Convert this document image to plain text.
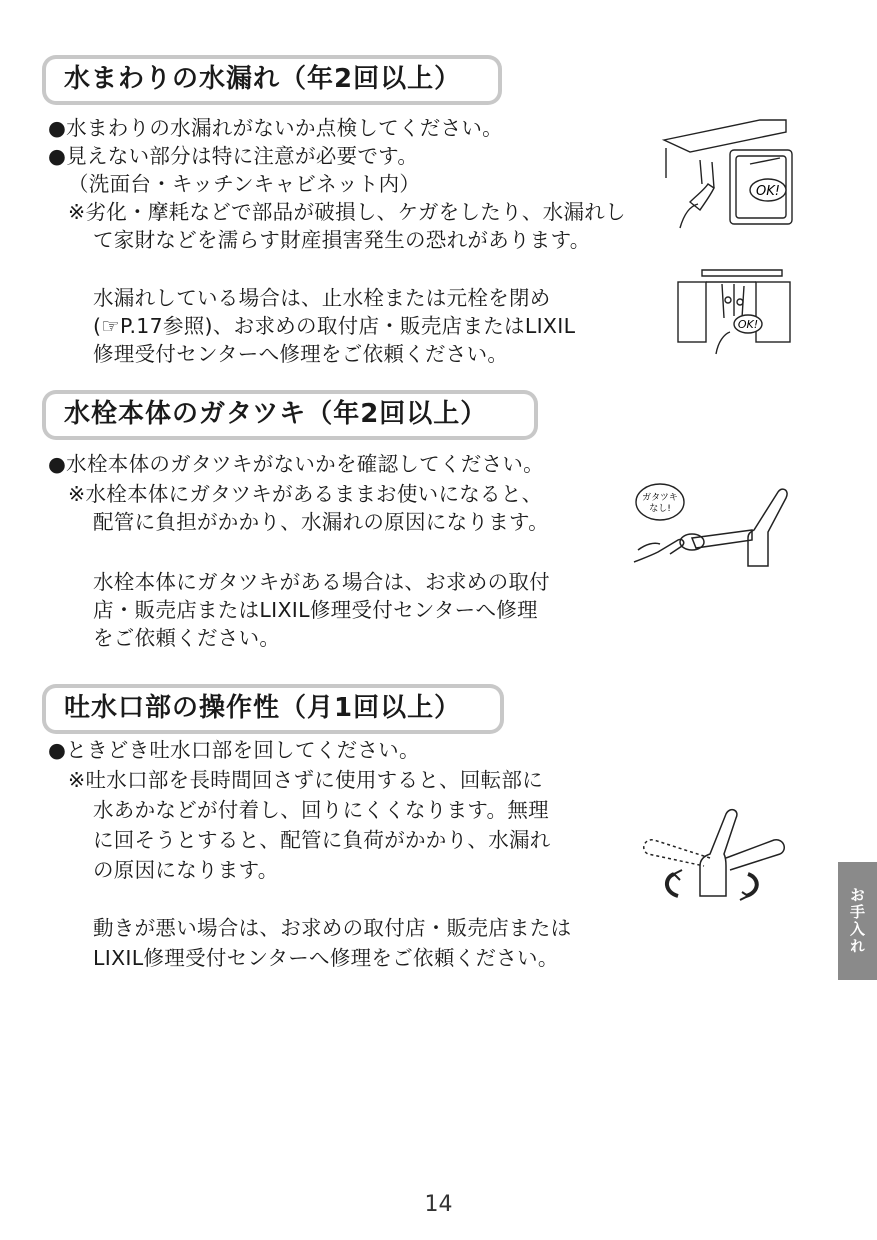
水まわりの水漏れ（年2回以上）
●水まわりの水漏れがないか点検してください。
●見えない部分は特に注意が必要です。
（洗面台・キッチンキャビネット内）
※劣化・摩耗などで部品が破損し、ケガをしたり、水漏れし
て家財などを濡らす財産損害発生の恐れがあります。
水漏れしている場合は、止水栓または元栓を閉め
(☞P.17参照)、お求めの取付店・販売店またはLIXIL
修理受付センターへ修理をご依頼ください。
OK!
OK!
水栓本体のガタツキ（年2回以上）
●水栓本体のガタツキがないかを確認してください。
※水栓本体にガタツキがあるままお使いになると、
配管に負担がかかり、水漏れの原因になります。
水栓本体にガタツキがある場合は、お求めの取付
店・販売店またはLIXIL修理受付センターへ修理
をご依頼ください。
ガタツキ
なし!
吐水口部の操作性（月1回以上）
●ときどき吐水口部を回してください。
※吐水口部を長時間回さずに使用すると、回転部に
水あかなどが付着し、回りにくくなります。無理
に回そうとすると、配管に負荷がかかり、水漏れ
の原因になります。
動きが悪い場合は、お求めの取付店・販売店または
LIXIL修理受付センターへ修理をご依頼ください。
お手入れ
14
